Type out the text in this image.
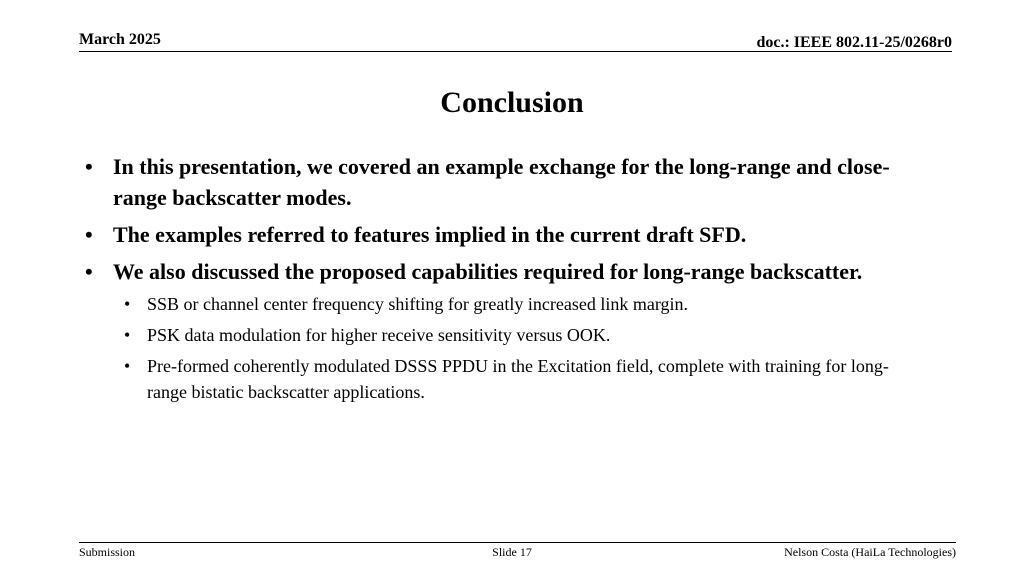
March 2025	doc.: IEEE 802.11-25/0268r0
Conclusion
• In this presentation, we covered an example exchange for the long-range and close-range backscatter modes.
• The examples referred to features implied in the current draft SFD.
• We also discussed the proposed capabilities required for long-range backscatter.
• SSB or channel center frequency shifting for greatly increased link margin.
• PSK data modulation for higher receive sensitivity versus OOK.
• Pre-formed coherently modulated DSSS PPDU in the Excitation field, complete with training for long-range bistatic backscatter applications.
Submission	Slide 17	Nelson Costa (HaiLa Technologies)
